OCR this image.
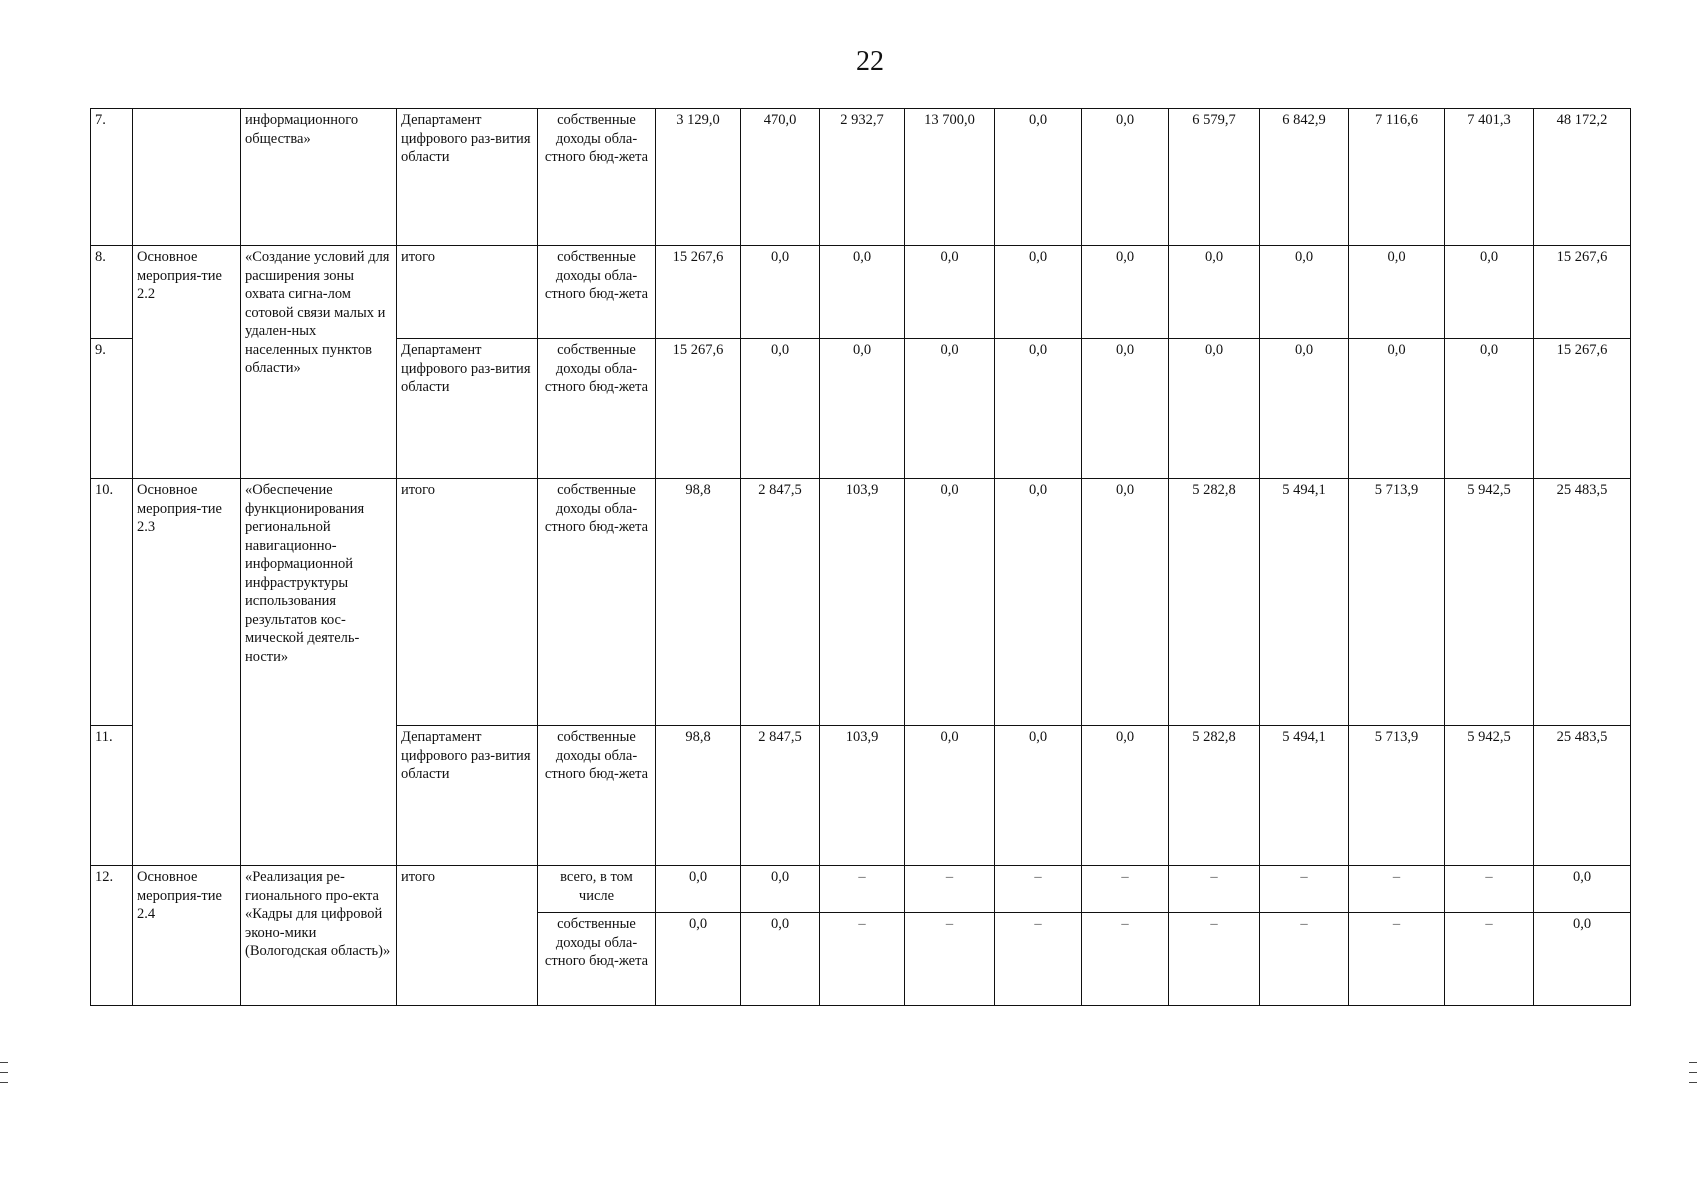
22
7.		информационного общества»	Департамент цифрового раз-вития области	собственные доходы обла-стного бюд-жета	3 129,0	470,0	2 932,7	13 700,0	0,0	0,0	6 579,7	6 842,9	7 116,6	7 401,3	48 172,2
8.	Основное мероприя-тие 2.2	«Создание условий для расширения зоны охвата сигна-лом сотовой связи малых и удален-ных населенных пунктов области»	итого	собственные доходы обла-стного бюд-жета	15 267,6	0,0	0,0	0,0	0,0	0,0	0,0	0,0	0,0	0,0	15 267,6
9.			Департамент цифрового раз-вития области	собственные доходы обла-стного бюд-жета	15 267,6	0,0	0,0	0,0	0,0	0,0	0,0	0,0	0,0	0,0	15 267,6
10.	Основное мероприя-тие 2.3	«Обеспечение функционирования региональной навигационно-информационной инфраструктуры использования результатов кос-мической деятель-ности»	итого	собственные доходы обла-стного бюд-жета	98,8	2 847,5	103,9	0,0	0,0	0,0	5 282,8	5 494,1	5 713,9	5 942,5	25 483,5
11.			Департамент цифрового раз-вития области	собственные доходы обла-стного бюд-жета	98,8	2 847,5	103,9	0,0	0,0	0,0	5 282,8	5 494,1	5 713,9	5 942,5	25 483,5
12.	Основное мероприя-тие 2.4	«Реализация ре-гионального про-екта «Кадры для цифровой эконо-мики (Вологодская область)»	итого	всего, в том числе	0,0	0,0	–	–	–	–	–	–	–	–	0,0
				собственные доходы обла-стного бюд-жета	0,0	0,0	–	–	–	–	–	–	–	–	0,0
